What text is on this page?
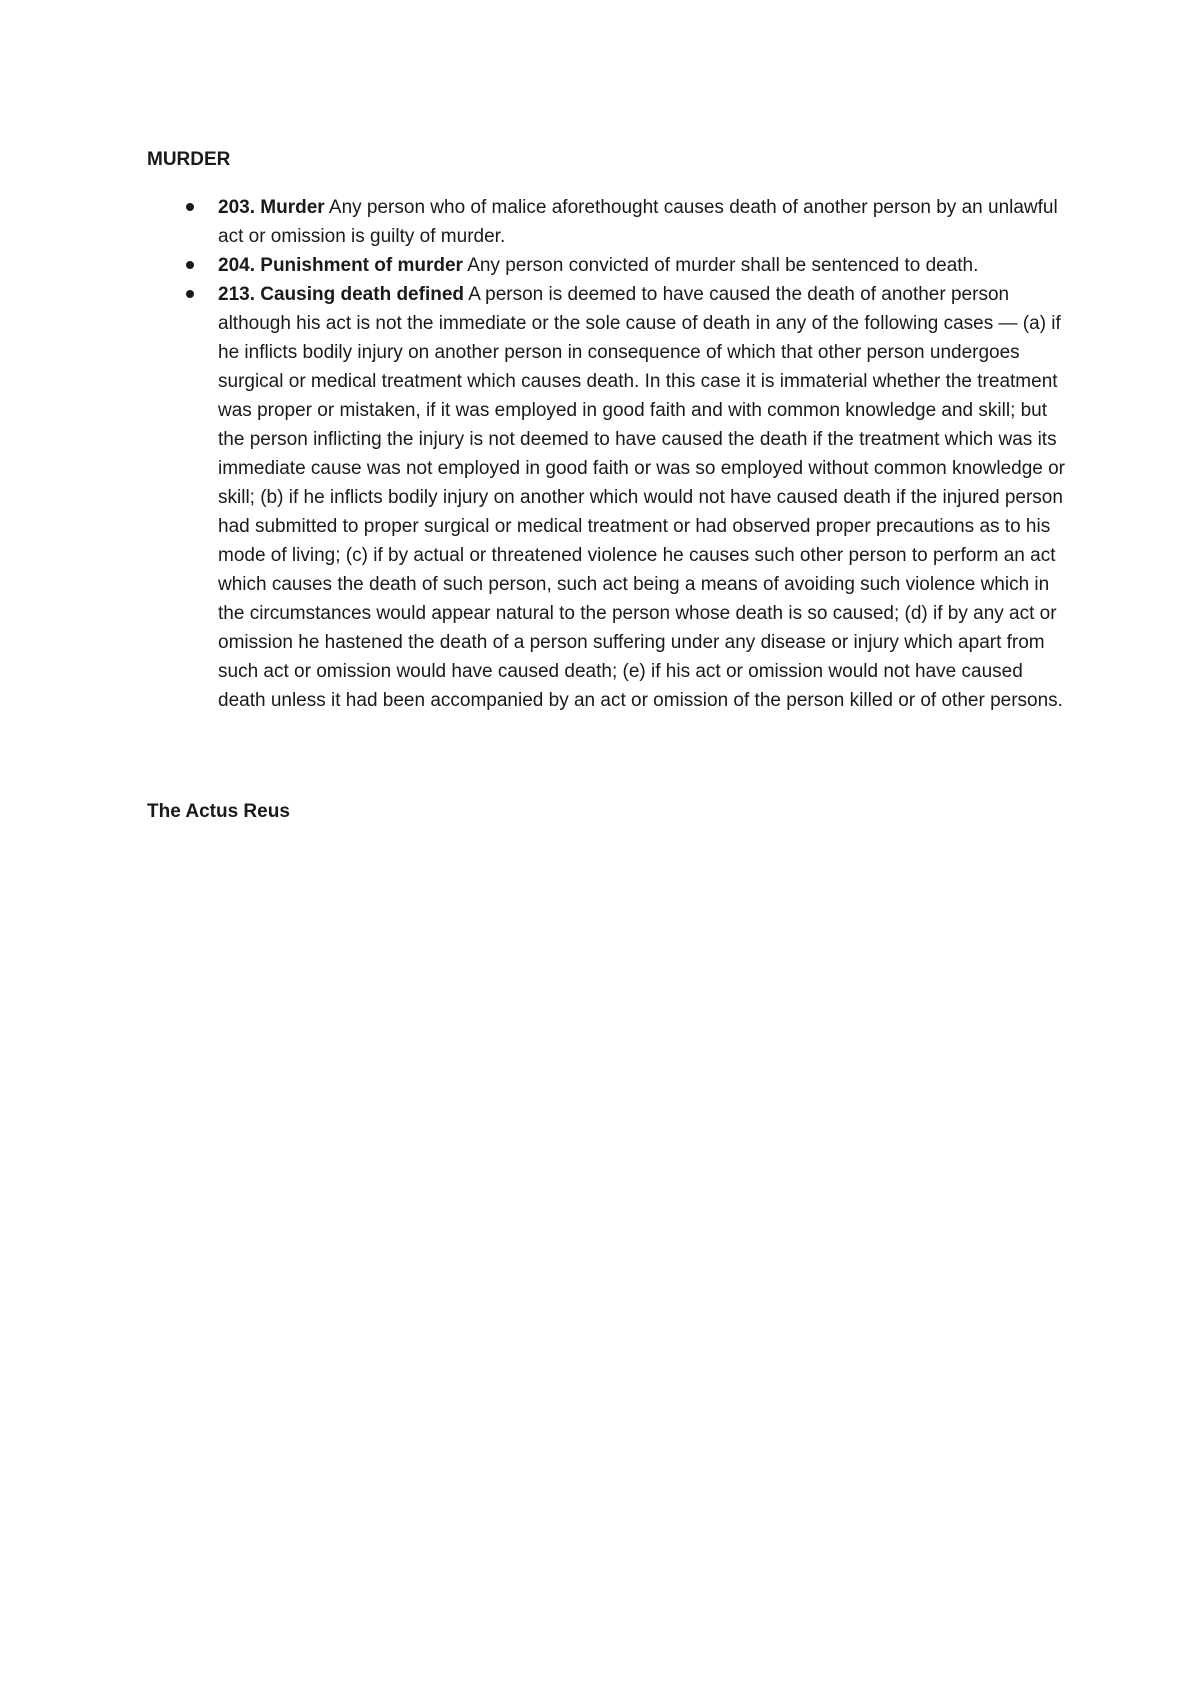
MURDER
203. Murder Any person who of malice aforethought causes death of another person by an unlawful act or omission is guilty of murder.
204. Punishment of murder Any person convicted of murder shall be sentenced to death.
213. Causing death defined A person is deemed to have caused the death of another person although his act is not the immediate or the sole cause of death in any of the following cases — (a) if he inflicts bodily injury on another person in consequence of which that other person undergoes surgical or medical treatment which causes death. In this case it is immaterial whether the treatment was proper or mistaken, if it was employed in good faith and with common knowledge and skill; but the person inflicting the injury is not deemed to have caused the death if the treatment which was its immediate cause was not employed in good faith or was so employed without common knowledge or skill; (b) if he inflicts bodily injury on another which would not have caused death if the injured person had submitted to proper surgical or medical treatment or had observed proper precautions as to his mode of living; (c) if by actual or threatened violence he causes such other person to perform an act which causes the death of such person, such act being a means of avoiding such violence which in the circumstances would appear natural to the person whose death is so caused; (d) if by any act or omission he hastened the death of a person suffering under any disease or injury which apart from such act or omission would have caused death; (e) if his act or omission would not have caused death unless it had been accompanied by an act or omission of the person killed or of other persons.
The Actus Reus
